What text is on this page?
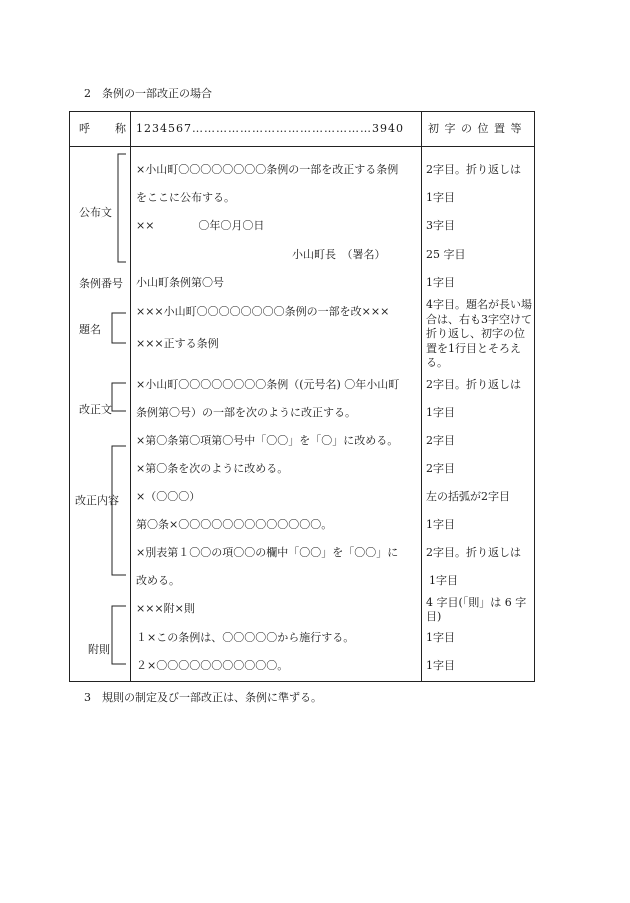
2　条例の一部改正の場合
呼　　称 1234567………………………………………3940 初 字 の 位 置 等
公布文
条例番号
題名
改正文
改正内容
附則
×小山町〇〇〇〇〇〇〇〇条例の一部を改正する条例
をここに公布する。
××　　　　〇年〇月〇日
小山町長　（署名）
小山町条例第〇号
×××小山町〇〇〇〇〇〇〇〇条例の一部を改×××
×××正する条例
×小山町〇〇〇〇〇〇〇〇条例（(元号名) 〇年小山町
条例第〇号）の一部を次のように改正する。
×第〇条第〇項第〇号中「〇〇」を「〇」に改める。
×第〇条を次のように改める。
×（〇〇〇）
第〇条×〇〇〇〇〇〇〇〇〇〇〇〇〇。
×別表第１〇〇の項〇〇の欄中「〇〇」を「〇〇」に
改める。
×××附×則
１×この条例は、〇〇〇〇〇から施行する。
２×〇〇〇〇〇〇〇〇〇〇〇。
2字目。折り返しは
1字目
3字目
25 字目
1字目
4字目。題名が長い場合は、右も3字空けて折り返し、初字の位置を1行目とそろえる。
2字目。折り返しは
1字目
2字目
2字目
左の括弧が2字目
1字目
2字目。折り返しは
1字目
4 字目(「則」は 6 字目)
1字目
1字目
3　規則の制定及び一部改正は、条例に準ずる。
